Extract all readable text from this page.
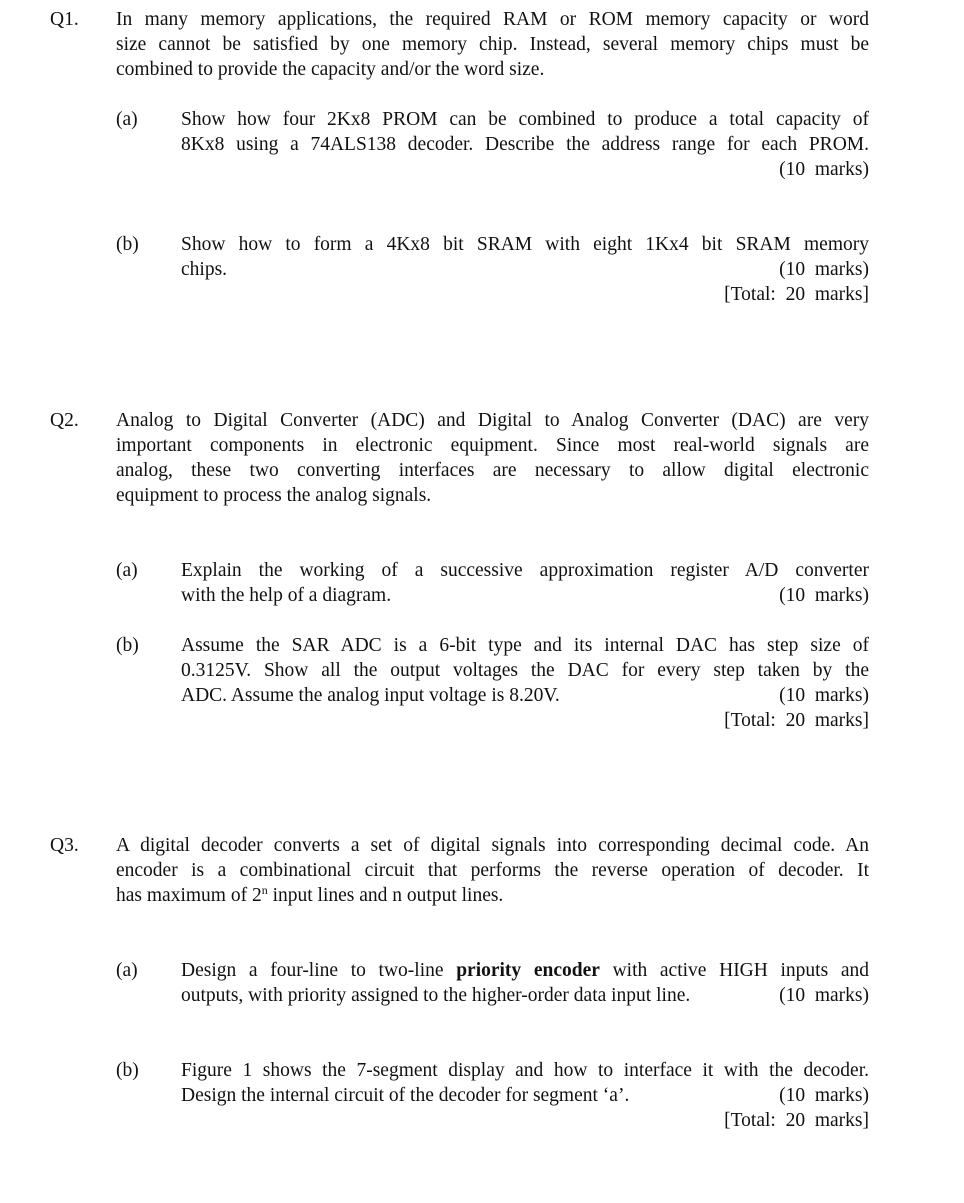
Q1. In many memory applications, the required RAM or ROM memory capacity or word
size cannot be satisfied by one memory chip. Instead, several memory chips must be
combined to provide the capacity and/or the word size.
(a) Show how four 2Kx8 PROM can be combined to produce a total capacity of
8Kx8 using a 74ALS138 decoder. Describe the address range for each PROM.
(10  marks)
(b) Show how to form a 4Kx8 bit SRAM with eight 1Kx4 bit SRAM memory
chips.	(10  marks)
[Total:  20  marks]
Q2. Analog to Digital Converter (ADC) and Digital to Analog Converter (DAC) are very
important components in electronic equipment. Since most real-world signals are
analog, these two converting interfaces are necessary to allow digital electronic
equipment to process the analog signals.
(a) Explain the working of a successive approximation register A/D converter
with the help of a diagram.	(10  marks)
(b) Assume the SAR ADC is a 6-bit type and its internal DAC has step size of
0.3125V. Show all the output voltages the DAC for every step taken by the
ADC. Assume the analog input voltage is 8.20V.	(10  marks)
[Total:  20  marks]
Q3. A digital decoder converts a set of digital signals into corresponding decimal code. An
encoder is a combinational circuit that performs the reverse operation of decoder. It
has maximum of 2$^n$ input lines and n output lines.
(a) Design a four-line to two-line priority encoder with active HIGH inputs and
outputs, with priority assigned to the higher-order data input line.	(10  marks)
(b) Figure 1 shows the 7-segment display and how to interface it with the decoder.
Design the internal circuit of the decoder for segment ‘a’.	(10  marks)
[Total:  20  marks]
